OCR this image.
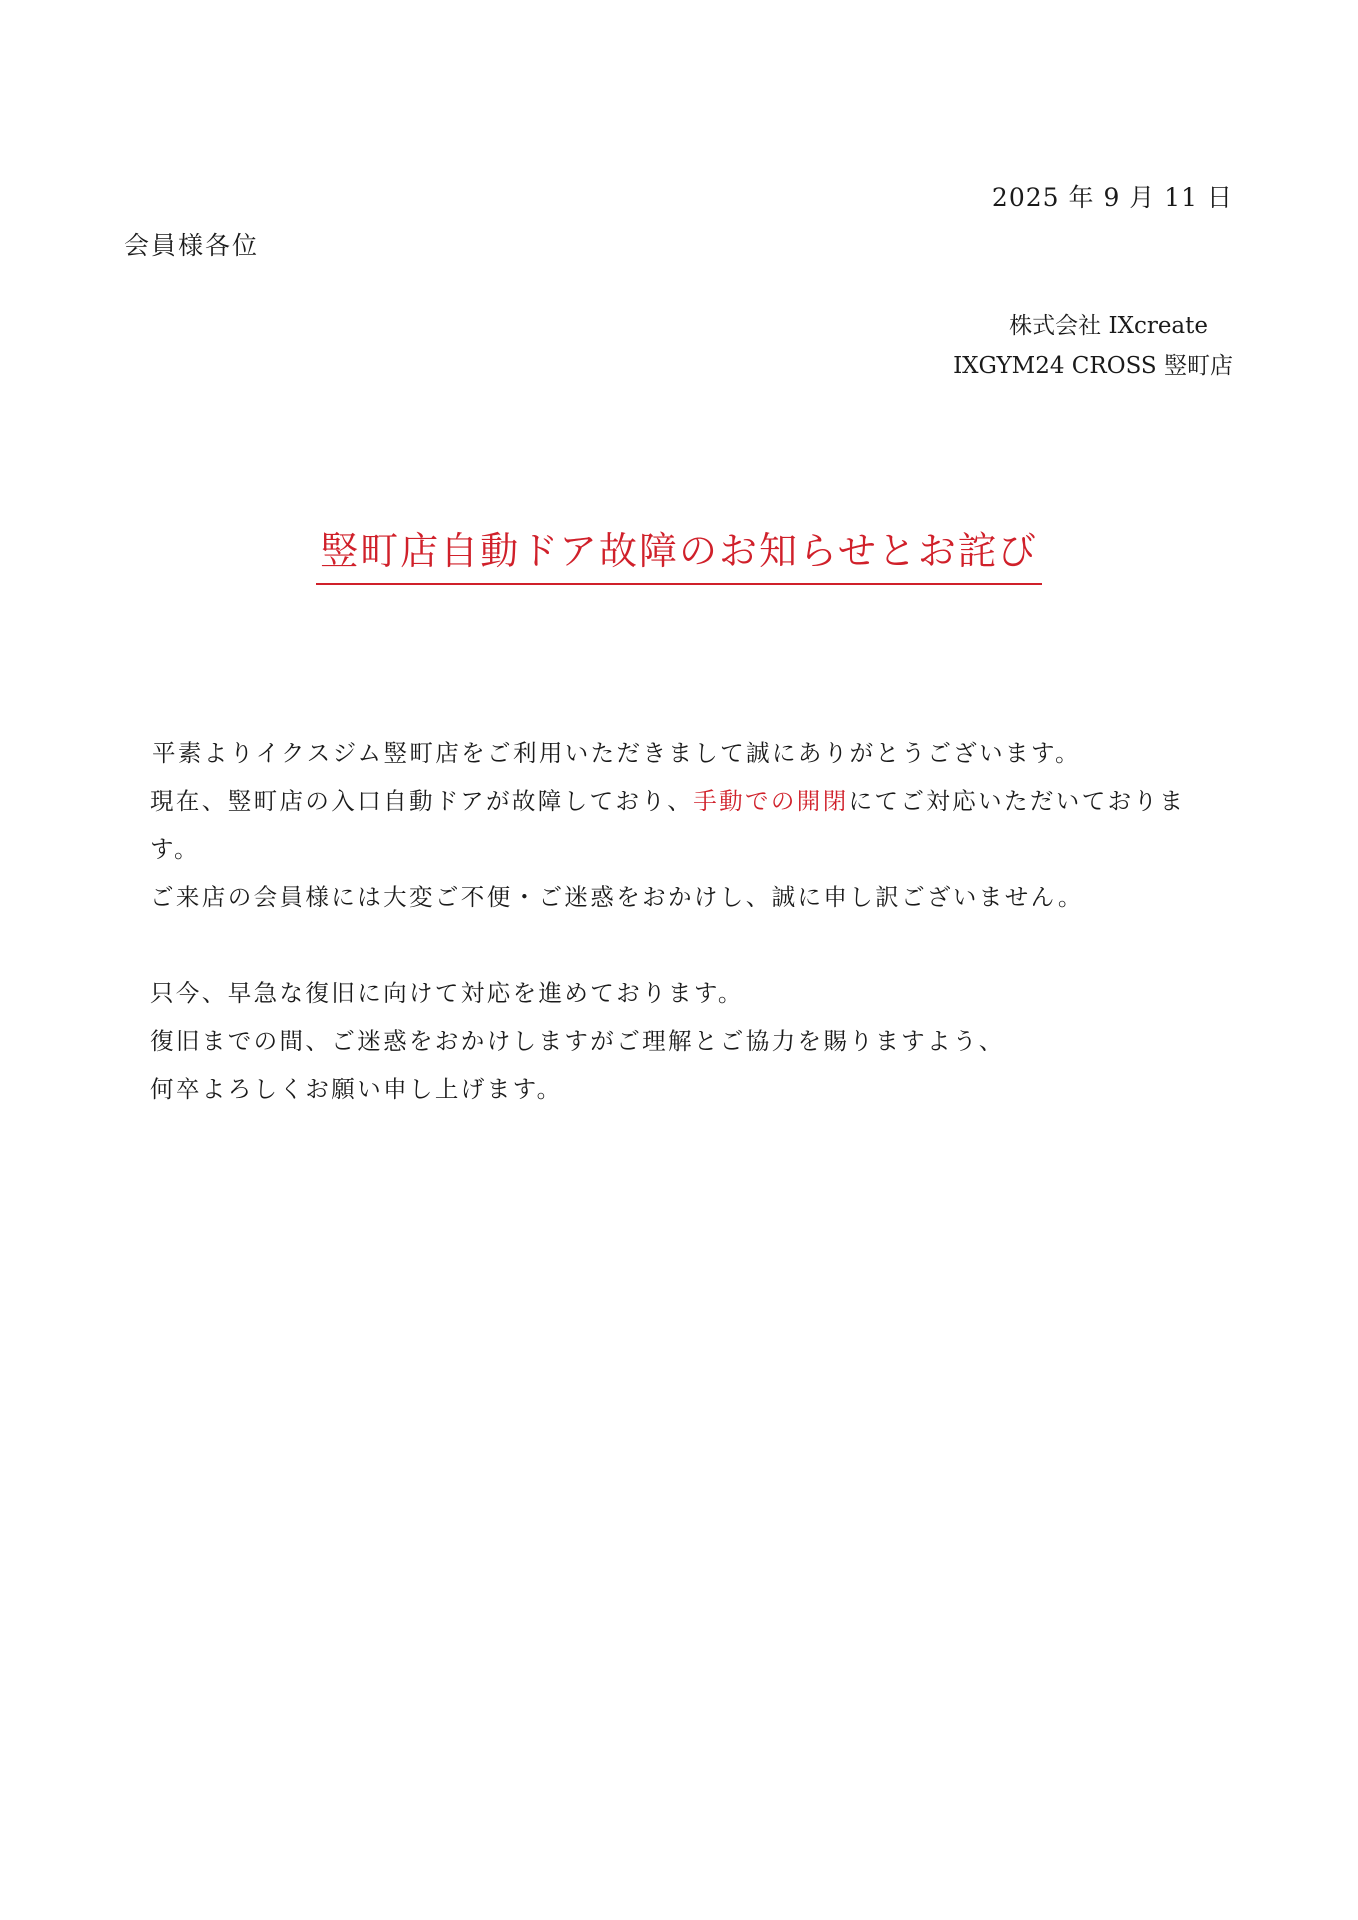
2025 年 9 月 11 日
会員様各位
株式会社 IXcreate
IXGYM24 CROSS 竪町店
竪町店自動ドア故障のお知らせとお詫び

平素よりイクスジム竪町店をご利用いただきまして誠にありがとうございます。

現在、竪町店の入口自動ドアが故障しており、手動での開閉にてご対応いただいておりま

す。

ご来店の会員様には大変ご不便・ご迷惑をおかけし、誠に申し訳ございません。

只今、早急な復旧に向けて対応を進めております。

復旧までの間、ご迷惑をおかけしますがご理解とご協力を賜りますよう、

何卒よろしくお願い申し上げます。
